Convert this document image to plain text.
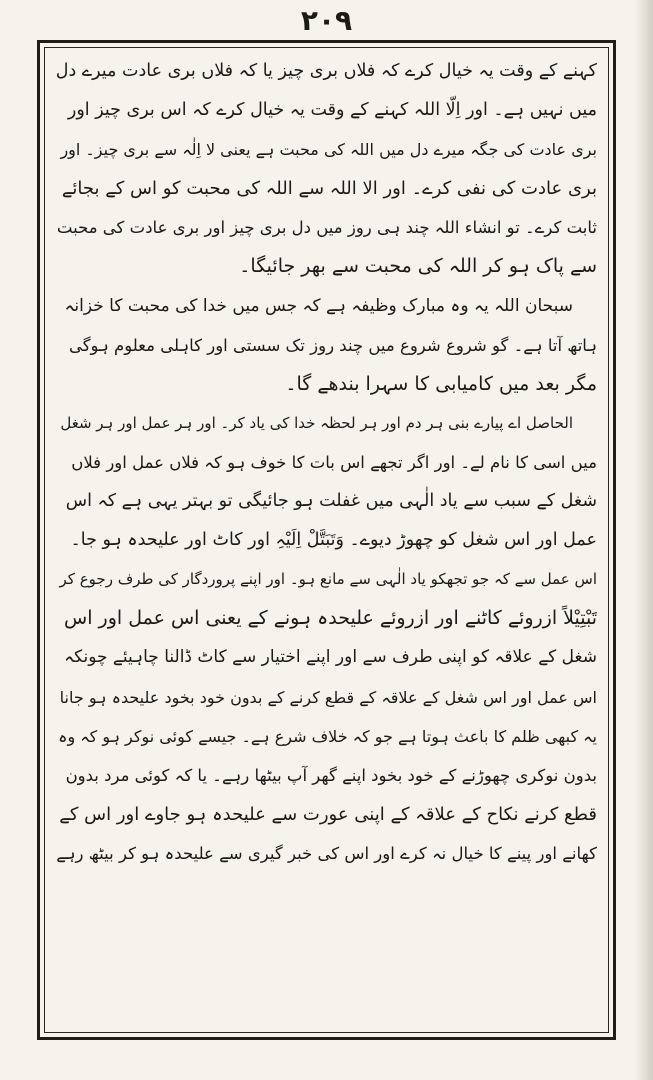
۲۰۹
کہنے کے وقت یہ خیال کرے کہ فلاں بری چیز یا کہ فلاں بری عادت میرے دل
میں نہیں ہے۔ اور اِلّا اللہ کہنے کے وقت یہ خیال کرے کہ اس بری چیز اور
بری عادت کی جگہ میرے دل میں اللہ کی محبت ہے یعنی لا اِلٰہ سے بری چیز۔ اور
بری عادت کی نفی کرے۔ اور الا اللہ سے اللہ کی محبت کو اس کے بجائے
ثابت کرے۔ تو انشاء اللہ چند ہی روز میں دل بری چیز اور بری عادت کی محبت
سے پاک ہو کر اللہ کی محبت سے بھر جائیگا۔
سبحان اللہ یہ وہ مبارک وظیفہ ہے کہ جس میں خدا کی محبت کا خزانہ
ہاتھ آتا ہے۔ گو شروع شروع میں چند روز تک سستی اور کاہلی معلوم ہوگی
مگر بعد میں کامیابی کا سہرا بندھے گا۔
الحاصل اے پیارے بنی ہر دم اور ہر لحظہ خدا کی یاد کر۔ اور ہر عمل اور ہر شغل
میں اسی کا نام لے۔ اور اگر تجھے اس بات کا خوف ہو کہ فلاں عمل اور فلاں
شغل کے سبب سے یاد الٰہی میں غفلت ہو جائیگی تو بہتر یہی ہے کہ اس
عمل اور اس شغل کو چھوڑ دیوے۔ وَتَبَتَّلْ اِلَیْہِ اور کاٹ اور علیحدہ ہو جا۔
اس عمل سے کہ جو تجھکو یاد الٰہی سے مانع ہو۔ اور اپنے پروردگار کی طرف رجوع کر
تَبْتِیْلاً ازروئے کاٹنے اور ازروئے علیحدہ ہونے کے یعنی اس عمل اور اس
شغل کے علاقہ کو اپنی طرف سے اور اپنے اختیار سے کاٹ ڈالنا چاہیئے چونکہ
اس عمل اور اس شغل کے علاقہ کے قطع کرنے کے بدون خود بخود علیحدہ ہو جانا
یہ کبھی ظلم کا باعث ہوتا ہے جو کہ خلاف شرع ہے۔ جیسے کوئی نوکر ہو کہ وہ
بدون نوکری چھوڑنے کے خود بخود اپنے گھر آپ بیٹھا رہے۔ یا کہ کوئی مرد بدون
قطع کرنے نکاح کے علاقہ کے اپنی عورت سے علیحدہ ہو جاوے اور اس کے
کھانے اور پینے کا خیال نہ کرے اور اس کی خبر گیری سے علیحدہ ہو کر بیٹھ رہے
